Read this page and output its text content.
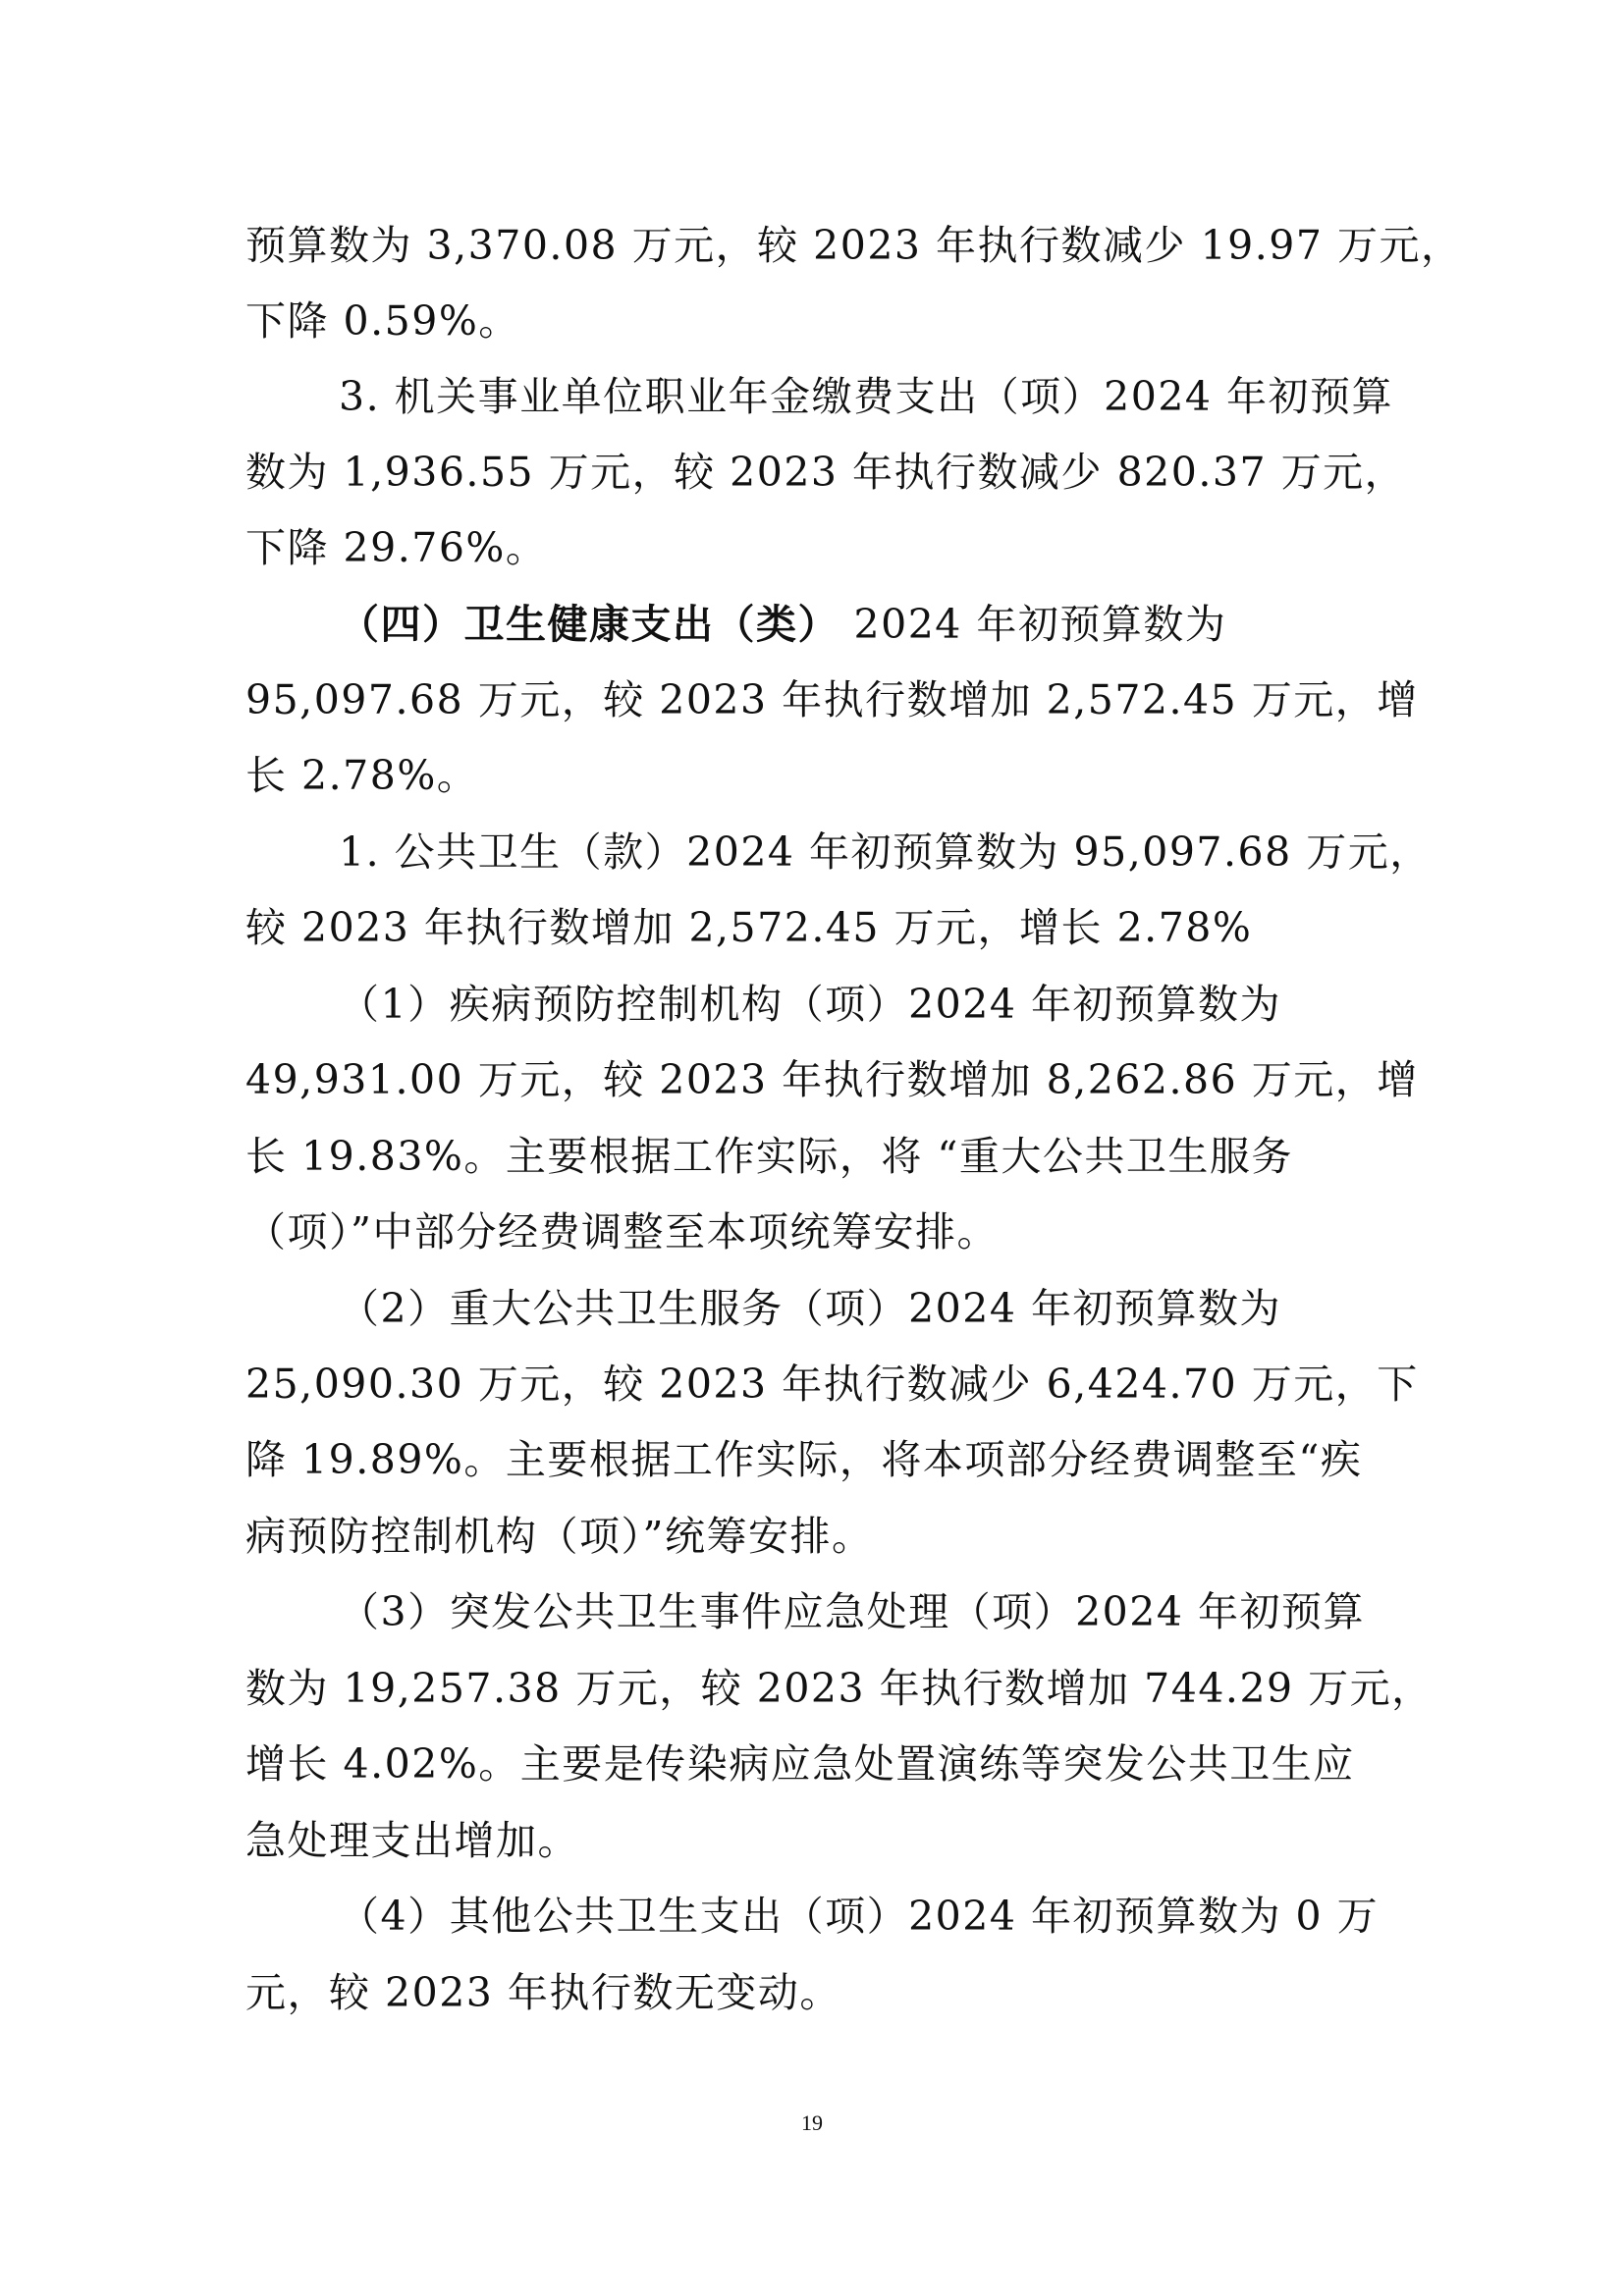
预算数为 3,370.08 万元，较 2023 年执行数减少 19.97 万元，
下降 0.59%。
3. 机关事业单位职业年金缴费支出（项）2024 年初预算
数为 1,936.55 万元，较 2023 年执行数减少 820.37 万元，
下降 29.76%。
（四）卫生健康支出（类） 2024 年初预算数为
95,097.68 万元，较 2023 年执行数增加 2,572.45 万元，增
长 2.78%。
1. 公共卫生（款）2024 年初预算数为 95,097.68 万元，
较 2023 年执行数增加 2,572.45 万元，增长 2.78%
（1）疾病预防控制机构（项）2024 年初预算数为
49,931.00 万元，较 2023 年执行数增加 8,262.86 万元，增
长 19.83%。主要根据工作实际，将 “重大公共卫生服务
（项）”中部分经费调整至本项统筹安排。
（2）重大公共卫生服务（项）2024 年初预算数为
25,090.30 万元，较 2023 年执行数减少 6,424.70 万元，下
降 19.89%。主要根据工作实际，将本项部分经费调整至“疾
病预防控制机构（项）”统筹安排。
（3）突发公共卫生事件应急处理（项）2024 年初预算
数为 19,257.38 万元，较 2023 年执行数增加 744.29 万元，
增长 4.02%。主要是传染病应急处置演练等突发公共卫生应
急处理支出增加。
（4）其他公共卫生支出（项）2024 年初预算数为 0 万
元，较 2023 年执行数无变动。
19
